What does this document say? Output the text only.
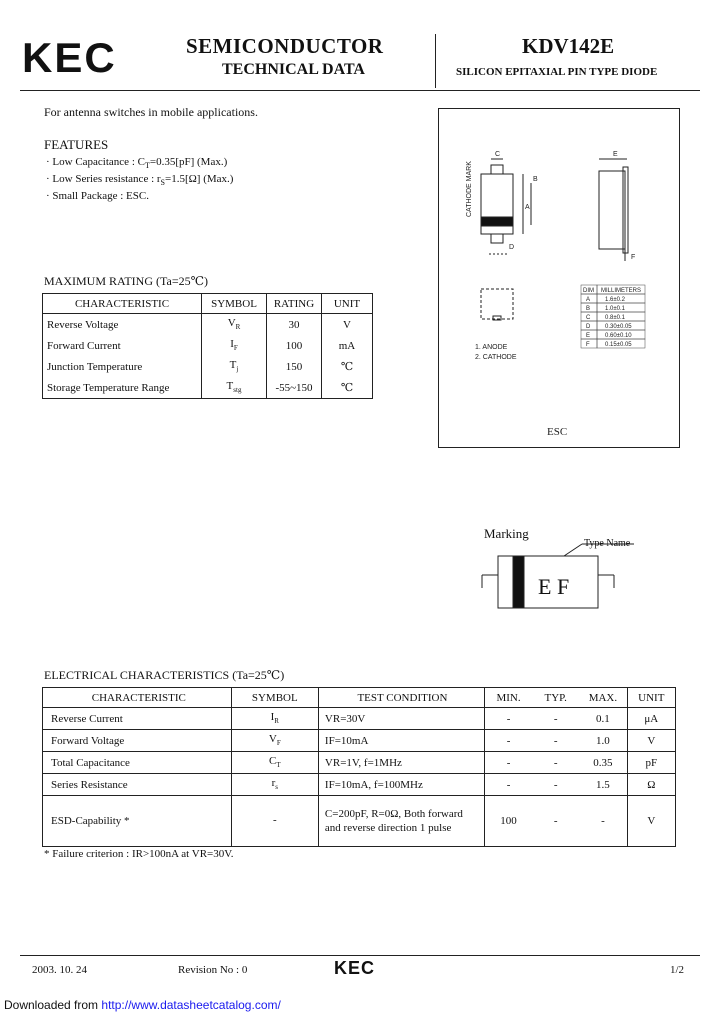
KEC	SEMICONDUCTOR
TECHNICAL DATA
KDV142E
SILICON EPITAXIAL PIN TYPE DIODE
For antenna switches in mobile applications.
FEATURES
· Low Capacitance : $C_T=0.35[pF]$ (Max.)
· Low Series resistance : $r_S=1.5[\Omega]$ (Max.)
· Small Package : ESC.
MAXIMUM RATING (Ta=25℃)
CHARACTERISTIC	SYMBOL	RATING	UNIT
Reverse Voltage	$V_R$	30	V
Forward Current	$I_F$	100	mA
Junction Temperature	$T_j$	150	℃
Storage Temperature Range	$T_{stg}$	-55~150	℃
CATHODE MARK
C	E
A
B
D
F
1. ANODE
2. CATHODE
DIM MILLIMETERS
A 1.6±0.2
B 1.0±0.1
C 0.8±0.1
D 0.30±0.05
E 0.60±0.10
F	0.15±0.05
ESC
Marking
E F
Type Name
ELECTRICAL CHARACTERISTICS (Ta=25℃)
CHARACTERISTIC	SYMBOL	TEST CONDITION	MIN.	TYP.	MAX.	UNIT
Reverse Current	$I_R$	VR=30V	-	-	0.1	μA
Forward Voltage	$V_F$	IF=10mA	-	-	1.0	V
Total Capacitance	$C_T$	VR=1V, f=1MHz	-	-	0.35	pF
Series Resistance	$r_s$	IF=10mA, f=100MHz	-	-	1.5	Ω
ESD-Capability *	-	C=200pF, R=0Ω, Both forward and reverse direction 1 pulse	100	-	-	V
* Failure criterion : IR>100nA at VR=30V.
2003. 10. 24	Revision No : 0	KEC	1/2
Downloaded from http://www.datasheetcatalog.com/
